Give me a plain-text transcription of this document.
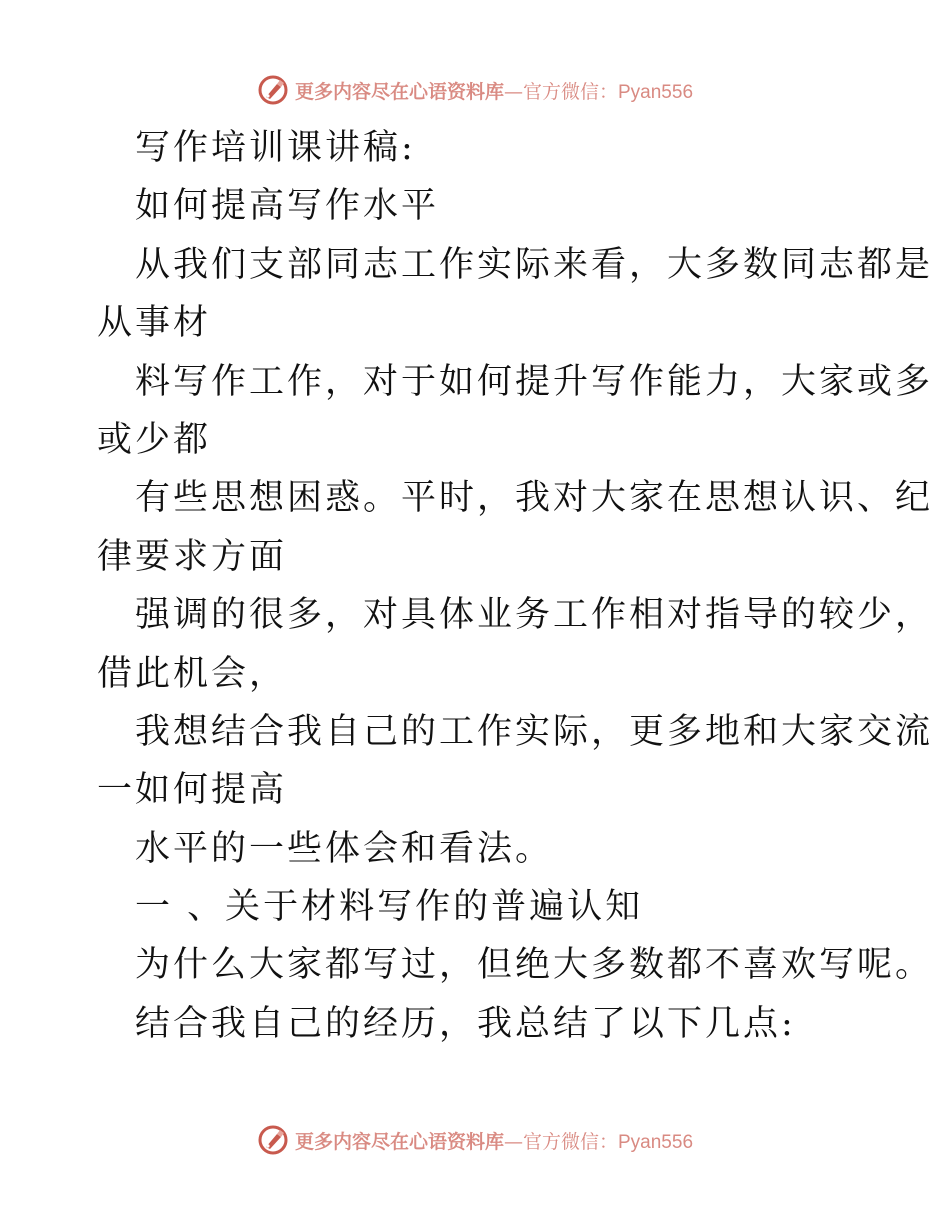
更多内容尽在心语资料库—官方微信：Pyan556
写作培训课讲稿:
如何提高写作水平
从我们支部同志工作实际来看，大多数同志都是
从事材
料写作工作，对于如何提升写作能力，大家或多
或少都
有些思想困惑。平时，我对大家在思想认识、纪
律要求方面
强调的很多，对具体业务工作相对指导的较少，
借此机会，
我想结合我自己的工作实际，更多地和大家交流
一如何提高
水平的一些体会和看法。
一 、关于材料写作的普遍认知
为什么大家都写过，但绝大多数都不喜欢写呢。
结合我自己的经历，我总结了以下几点:
更多内容尽在心语资料库—官方微信：Pyan556
